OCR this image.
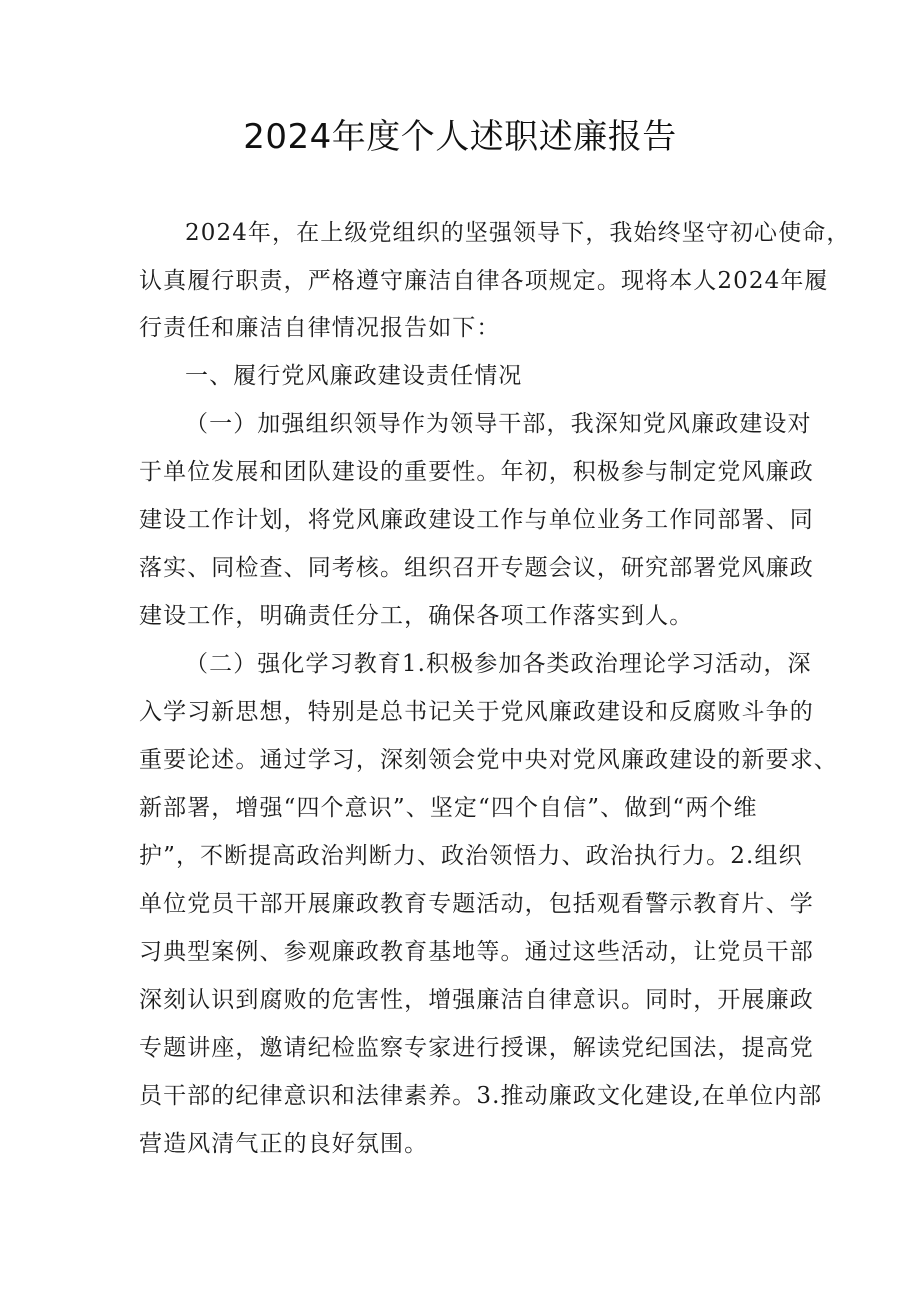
2024年度个人述职述廉报告
2024年，在上级党组织的坚强领导下，我始终坚守初心使命，
认真履行职责，严格遵守廉洁自律各项规定。现将本人2024年履
行责任和廉洁自律情况报告如下：
一、履行党风廉政建设责任情况
（一）加强组织领导作为领导干部，我深知党风廉政建设对
于单位发展和团队建设的重要性。年初，积极参与制定党风廉政
建设工作计划，将党风廉政建设工作与单位业务工作同部署、同
落实、同检查、同考核。组织召开专题会议，研究部署党风廉政
建设工作，明确责任分工，确保各项工作落实到人。
（二）强化学习教育1.积极参加各类政治理论学习活动，深
入学习新思想，特别是总书记关于党风廉政建设和反腐败斗争的
重要论述。通过学习，深刻领会党中央对党风廉政建设的新要求、
新部署，增强“四个意识”、坚定“四个自信”、做到“两个维
护”，不断提高政治判断力、政治领悟力、政治执行力。2.组织
单位党员干部开展廉政教育专题活动，包括观看警示教育片、学
习典型案例、参观廉政教育基地等。通过这些活动，让党员干部
深刻认识到腐败的危害性，增强廉洁自律意识。同时，开展廉政
专题讲座，邀请纪检监察专家进行授课，解读党纪国法，提高党
员干部的纪律意识和法律素养。3.推动廉政文化建设,在单位内部
营造风清气正的良好氛围。
